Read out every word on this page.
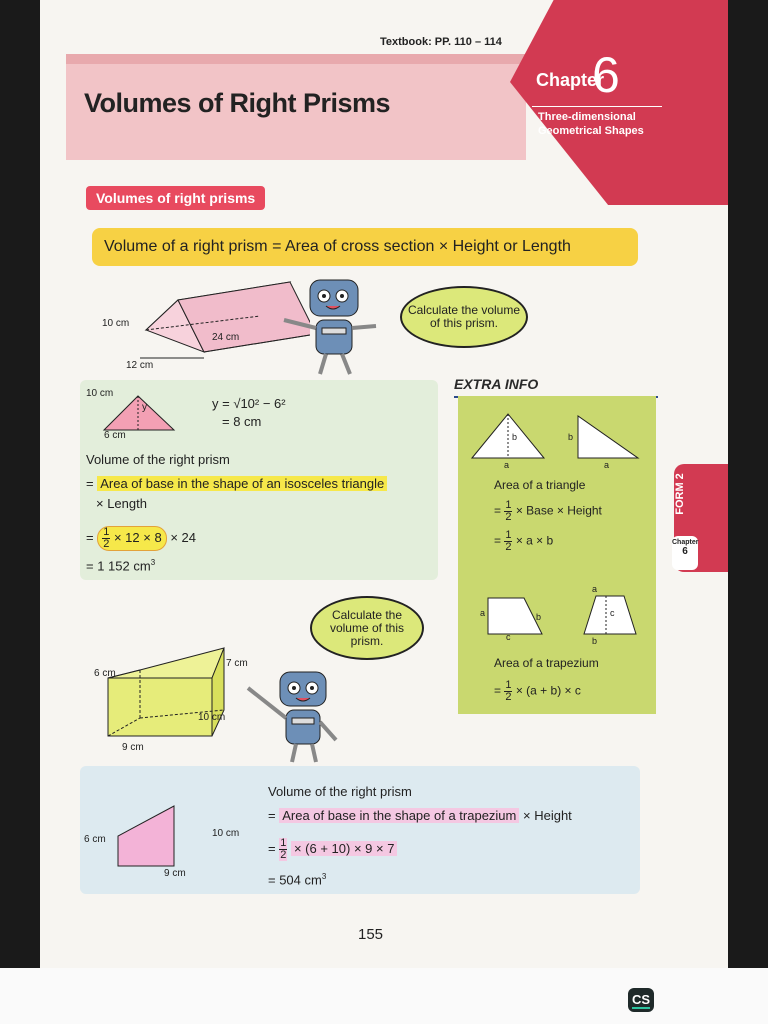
Textbook: PP. 110 – 114
Volumes of Right Prisms
Chapter
6
Three-dimensional Geometrical Shapes
Volumes of right prisms
Volume of a right prism = Area of cross section × Height or Length
10 cm
24 cm
12 cm
Calculate the volume of this prism.
10 cm
y
6 cm
y = √10² − 6²
= 8 cm
Volume of the right prism
= Area of base in the shape of an isosceles triangle
× Length
= $\frac{1}{2} \times 12 \times 8 \times 24$
= 1 152 $cm^3$
EXTRA INFO
b
a
b
a
Area of a triangle
= $\frac{1}{2}$ × Base × Height
= $\frac{1}{2} \times a \times b$
a	b
c
a
c
b
Area of a trapezium
= $\frac{1}{2} \times (a + b) \times c$
FORM 2
Chapter
6
Calculate the volume of this prism.
6 cm
7 cm
10 cm
9 cm
6 cm
10 cm
9 cm
Volume of the right prism
= Area of base in the shape of a trapezium × Height
= $\frac{1}{2} \times (6 + 10) \times 9 \times 7$
= 504 $cm^3$
155
CS
